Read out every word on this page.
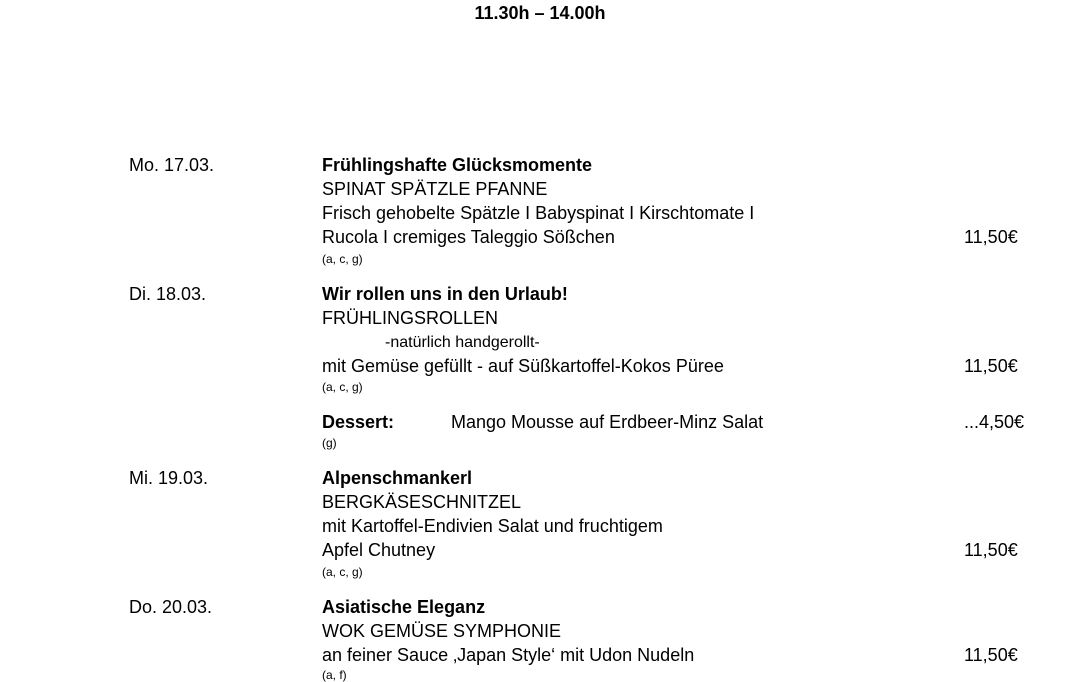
11.30h – 14.00h
Mo. 17.03.	Frühlingshafte Glücksmomente
SPINAT SPÄTZLE PFANNE
Frisch gehobelte Spätzle I Babyspinat I Kirschtomate I
Rucola I cremiges Taleggio Sößchen	11,50€
(a, c, g)
Di. 18.03.	Wir rollen uns in den Urlaub!
FRÜHLINGSROLLEN
-natürlich handgerollt-
mit Gemüse gefüllt - auf Süßkartoffel-Kokos Püree	11,50€
(a, c, g)
Dessert:	Mango Mousse auf Erdbeer-Minz Salat	...4,50€
(g)
Mi. 19.03.	Alpenschmankerl
BERGKÄSESCHNITZEL
mit Kartoffel-Endivien Salat und fruchtigem
Apfel Chutney	11,50€
(a, c, g)
Do. 20.03.	Asiatische Eleganz
WOK GEMÜSE SYMPHONIE
an feiner Sauce ‚Japan Style‘ mit Udon Nudeln	11,50€
(a, f)
